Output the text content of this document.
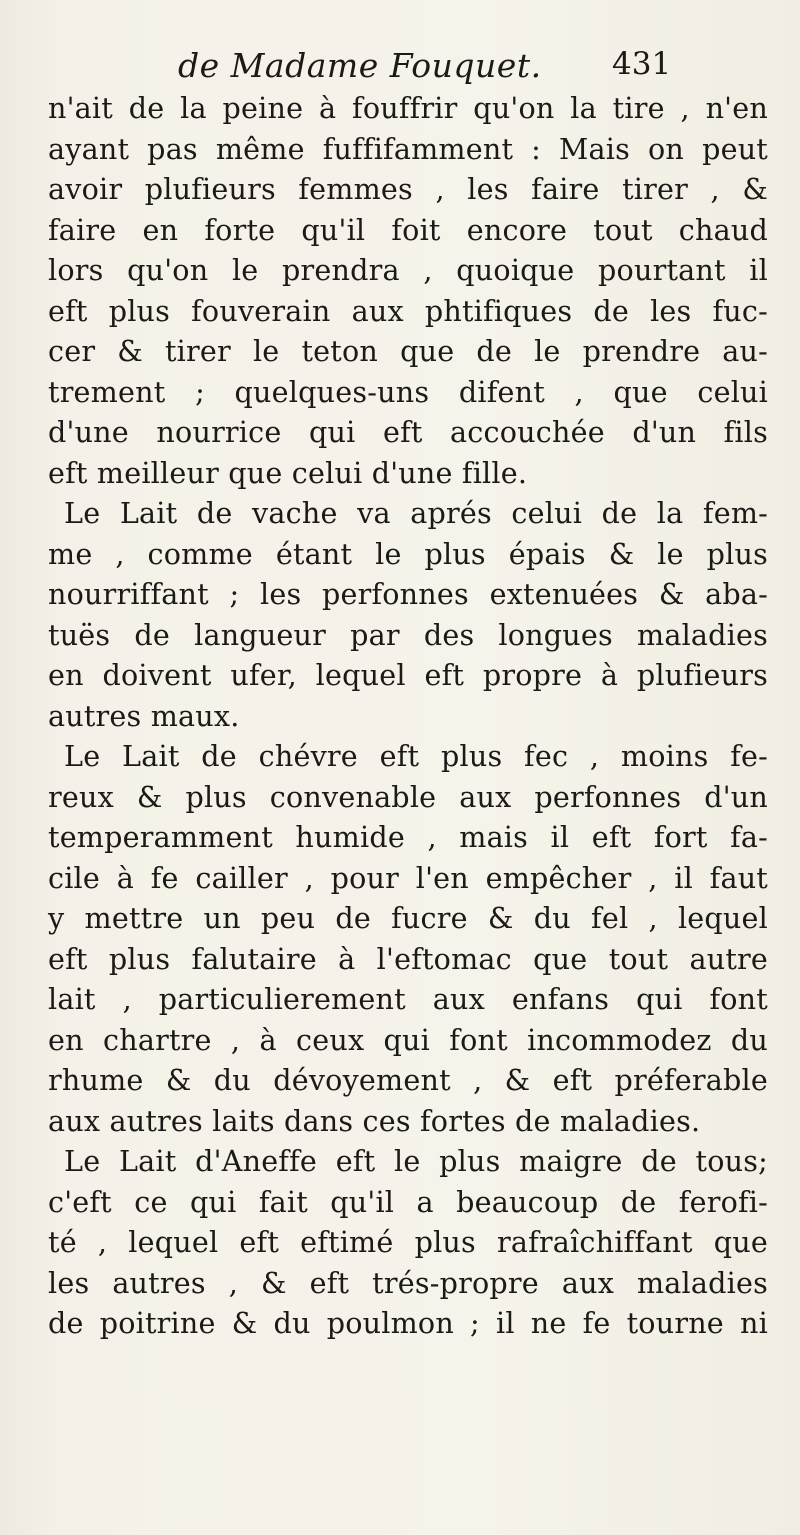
de Madame Fouquet. 431
n'ait de la peine à fouffrir qu'on la tire , n'en
ayant pas même fuffifamment : Mais on peut
avoir plufieurs femmes , les faire tirer , &
faire en forte qu'il foit encore tout chaud
lors qu'on le prendra , quoique pourtant il
eft plus fouverain aux phtifiques de les fuc-
cer & tirer le teton que de le prendre au-
trement ; quelques-uns difent , que celui
d'une nourrice qui eft accouchée d'un fils
eft meilleur que celui d'une fille.
Le Lait de vache va aprés celui de la fem-
me , comme étant le plus épais & le plus
nourriffant ; les perfonnes extenuées & aba-
tuës de langueur par des longues maladies
en doivent ufer, lequel eft propre à plufieurs
autres maux.
Le Lait de chévre eft plus fec , moins fe-
reux & plus convenable aux perfonnes d'un
temperamment humide , mais il eft fort fa-
cile à fe cailler , pour l'en empêcher , il faut
y mettre un peu de fucre & du fel , lequel
eft plus falutaire à l'eftomac que tout autre
lait , particulierement aux enfans qui font
en chartre , à ceux qui font incommodez du
rhume & du dévoyement , & eft préferable
aux autres laits dans ces fortes de maladies.
Le Lait d'Aneffe eft le plus maigre de tous;
c'eft ce qui fait qu'il a beaucoup de ferofi-
té , lequel eft eftimé plus rafraîchiffant que
les autres , & eft trés-propre aux maladies
de poitrine & du poulmon ; il ne fe tourne ni
